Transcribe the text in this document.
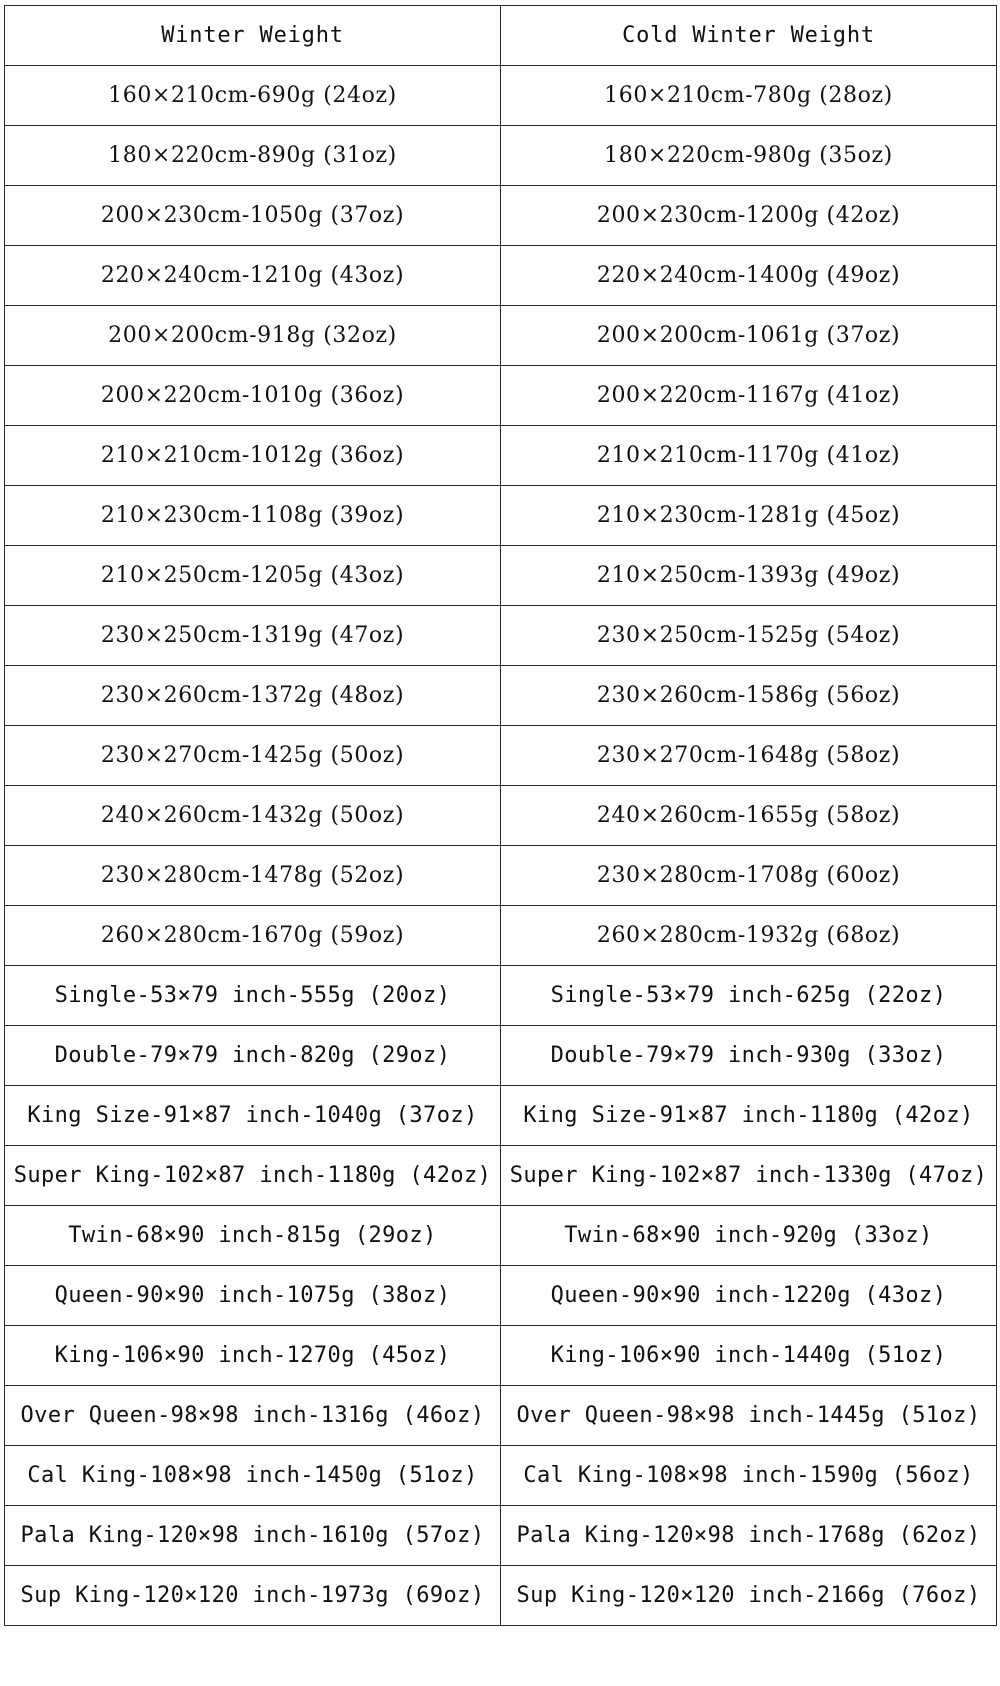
Winter Weight	Cold Winter Weight
160×210cm-690g (24oz)	160×210cm-780g (28oz)
180×220cm-890g (31oz)	180×220cm-980g (35oz)
200×230cm-1050g (37oz)	200×230cm-1200g (42oz)
220×240cm-1210g (43oz)	220×240cm-1400g (49oz)
200×200cm-918g (32oz)	200×200cm-1061g (37oz)
200×220cm-1010g (36oz)	200×220cm-1167g (41oz)
210×210cm-1012g (36oz)	210×210cm-1170g (41oz)
210×230cm-1108g (39oz)	210×230cm-1281g (45oz)
210×250cm-1205g (43oz)	210×250cm-1393g (49oz)
230×250cm-1319g (47oz)	230×250cm-1525g (54oz)
230×260cm-1372g (48oz)	230×260cm-1586g (56oz)
230×270cm-1425g (50oz)	230×270cm-1648g (58oz)
240×260cm-1432g (50oz)	240×260cm-1655g (58oz)
230×280cm-1478g (52oz)	230×280cm-1708g (60oz)
260×280cm-1670g (59oz)	260×280cm-1932g (68oz)
Single-53×79 inch-555g (20oz)	Single-53×79 inch-625g (22oz)
Double-79×79 inch-820g (29oz)	Double-79×79 inch-930g (33oz)
King Size-91×87 inch-1040g (37oz)	King Size-91×87 inch-1180g (42oz)
Super King-102×87 inch-1180g (42oz)	Super King-102×87 inch-1330g (47oz)
Twin-68×90 inch-815g (29oz)	Twin-68×90 inch-920g (33oz)
Queen-90×90 inch-1075g (38oz)	Queen-90×90 inch-1220g (43oz)
King-106×90 inch-1270g (45oz)	King-106×90 inch-1440g (51oz)
Over Queen-98×98 inch-1316g (46oz)	Over Queen-98×98 inch-1445g (51oz)
Cal King-108×98 inch-1450g (51oz)	Cal King-108×98 inch-1590g (56oz)
Pala King-120×98 inch-1610g (57oz)	Pala King-120×98 inch-1768g (62oz)
Sup King-120×120 inch-1973g (69oz)	Sup King-120×120 inch-2166g (76oz)
